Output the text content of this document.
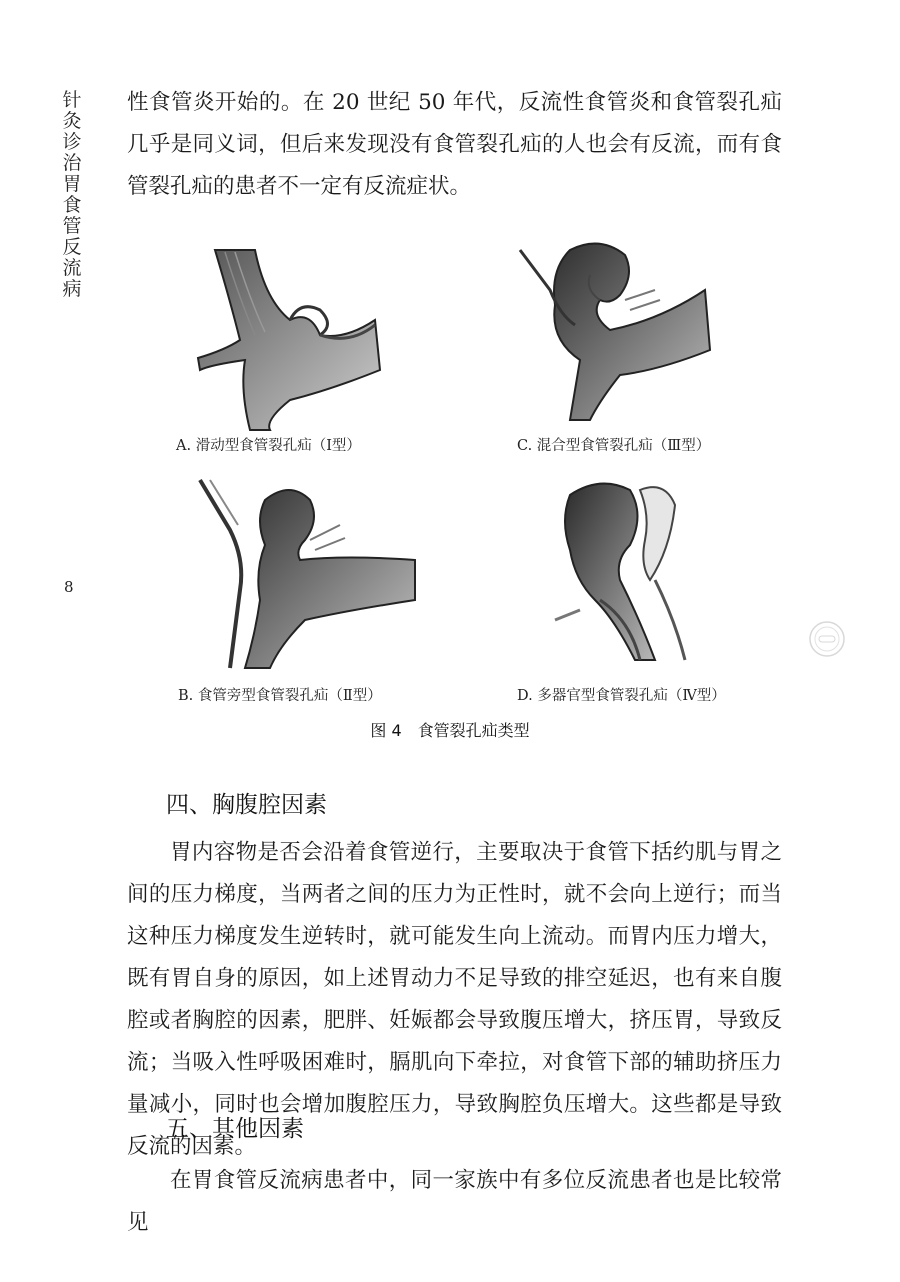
针灸诊治胃食管反流病
8

性食管炎开始的。在 20 世纪 50 年代，反流性食管炎和食管裂孔疝几乎是同义词，但后来发现没有食管裂孔疝的人也会有反流，而有食管裂孔疝的患者不一定有反流症状。

A. 滑动型食管裂孔疝（Ⅰ型）	C. 混合型食管裂孔疝（Ⅲ型）
B. 食管旁型食管裂孔疝（Ⅱ型）	D. 多器官型食管裂孔疝（Ⅳ型）
图 4　食管裂孔疝类型
四、胸腹腔因素

胃内容物是否会沿着食管逆行，主要取决于食管下括约肌与胃之间的压力梯度，当两者之间的压力为正性时，就不会向上逆行；而当这种压力梯度发生逆转时，就可能发生向上流动。而胃内压力增大，既有胃自身的原因，如上述胃动力不足导致的排空延迟，也有来自腹腔或者胸腔的因素，肥胖、妊娠都会导致腹压增大，挤压胃，导致反流；当吸入性呼吸困难时，膈肌向下牵拉，对食管下部的辅助挤压力量减小，同时也会增加腹腔压力，导致胸腔负压增大。这些都是导致反流的因素。

五、其他因素

在胃食管反流病患者中，同一家族中有多位反流患者也是比较常见
